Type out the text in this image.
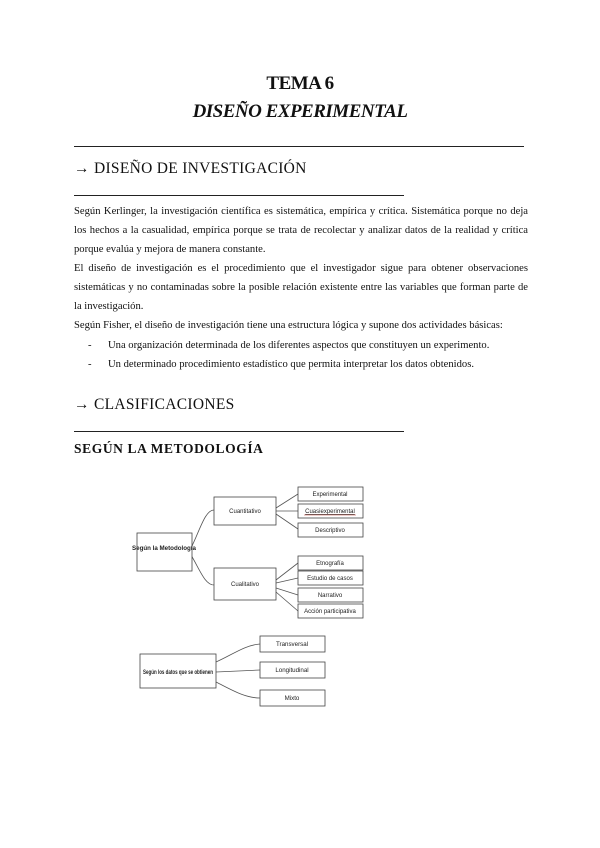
TEMA 6
DISEÑO EXPERIMENTAL
→ DISEÑO DE INVESTIGACIÓN

Según Kerlinger, la investigación científica es sistemática, empírica y crítica. Sistemática porque no deja los hechos a la casualidad, empírica porque se trata de recolectar y analizar datos de la realidad y crítica porque evalúa y mejora de manera constante.

El diseño de investigación es el procedimiento que el investigador sigue para obtener observaciones sistemáticas y no contaminadas sobre la posible relación existente entre las variables que forman parte de la investigación.

Según Fisher, el diseño de investigación tiene una estructura lógica y supone dos actividades básicas:

- Una organización determinada de los diferentes aspectos que constituyen un experimento.
- Un determinado procedimiento estadístico que permita interpretar los datos obtenidos.
→ CLASIFICACIONES
SEGÚN LA METODOLOGÍA
Según la Metodología
Cuantitativo
Cualitativo
Experimental
Cuasiexperimental
Descriptivo
Etnografía
Estudio de casos
Narrativo
Acción participativa
Según los datos que se obtienen
Transversal
Longitudinal
Mixto
